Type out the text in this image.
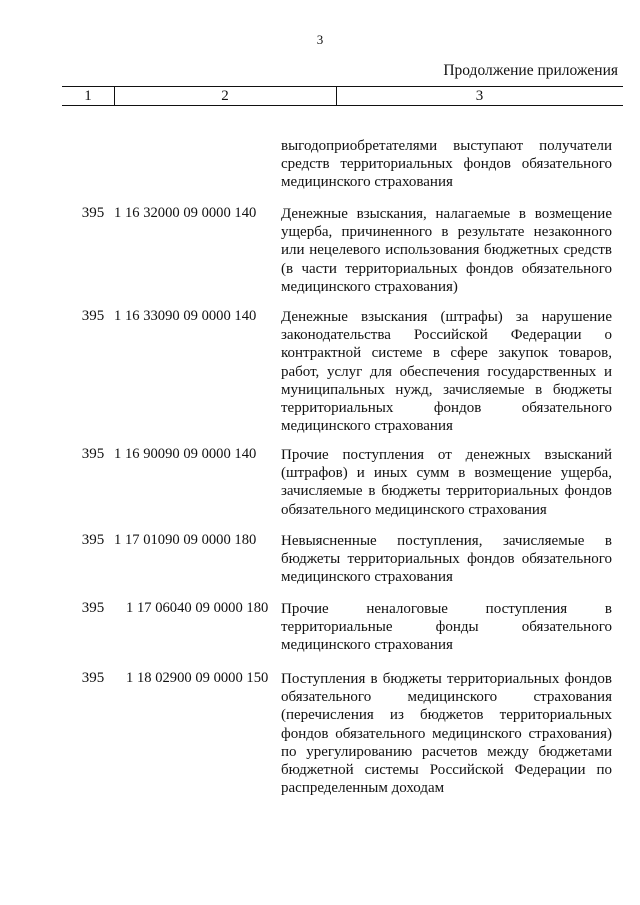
3
Продолжение приложения
1	2	3
выгодоприобретателями выступают получатели
средств территориальных фондов обязательного
медицинского страхования
395 1 16 32000 09 0000 140	Денежные взыскания, налагаемые в возмещение
ущерба, причиненного в результате незаконного
или нецелевого использования бюджетных средств
(в части территориальных фондов обязательного
медицинского страхования)
395 1 16 33090 09 0000 140	Денежные взыскания (штрафы) за нарушение
законодательства Российской Федерации о
контрактной системе в сфере закупок товаров,
работ, услуг для обеспечения государственных и
муниципальных нужд, зачисляемые в бюджеты
территориальных фондов обязательного
медицинского страхования
395 1 16 90090 09 0000 140	Прочие поступления от денежных взысканий
(штрафов) и иных сумм в возмещение ущерба,
зачисляемые в бюджеты территориальных фондов
обязательного медицинского страхования
395 1 17 01090 09 0000 180	Невыясненные поступления, зачисляемые в
бюджеты территориальных фондов обязательного
медицинского страхования
395	1 17 06040 09 0000 180 Прочие неналоговые поступления в
территориальные фонды обязательного
медицинского страхования
395	1 18 02900 09 0000 150 Поступления в бюджеты территориальных фондов
обязательного медицинского страхования
(перечисления из бюджетов территориальных
фондов обязательного медицинского страхования)
по урегулированию расчетов между бюджетами
бюджетной системы Российской Федерации по
распределенным доходам
